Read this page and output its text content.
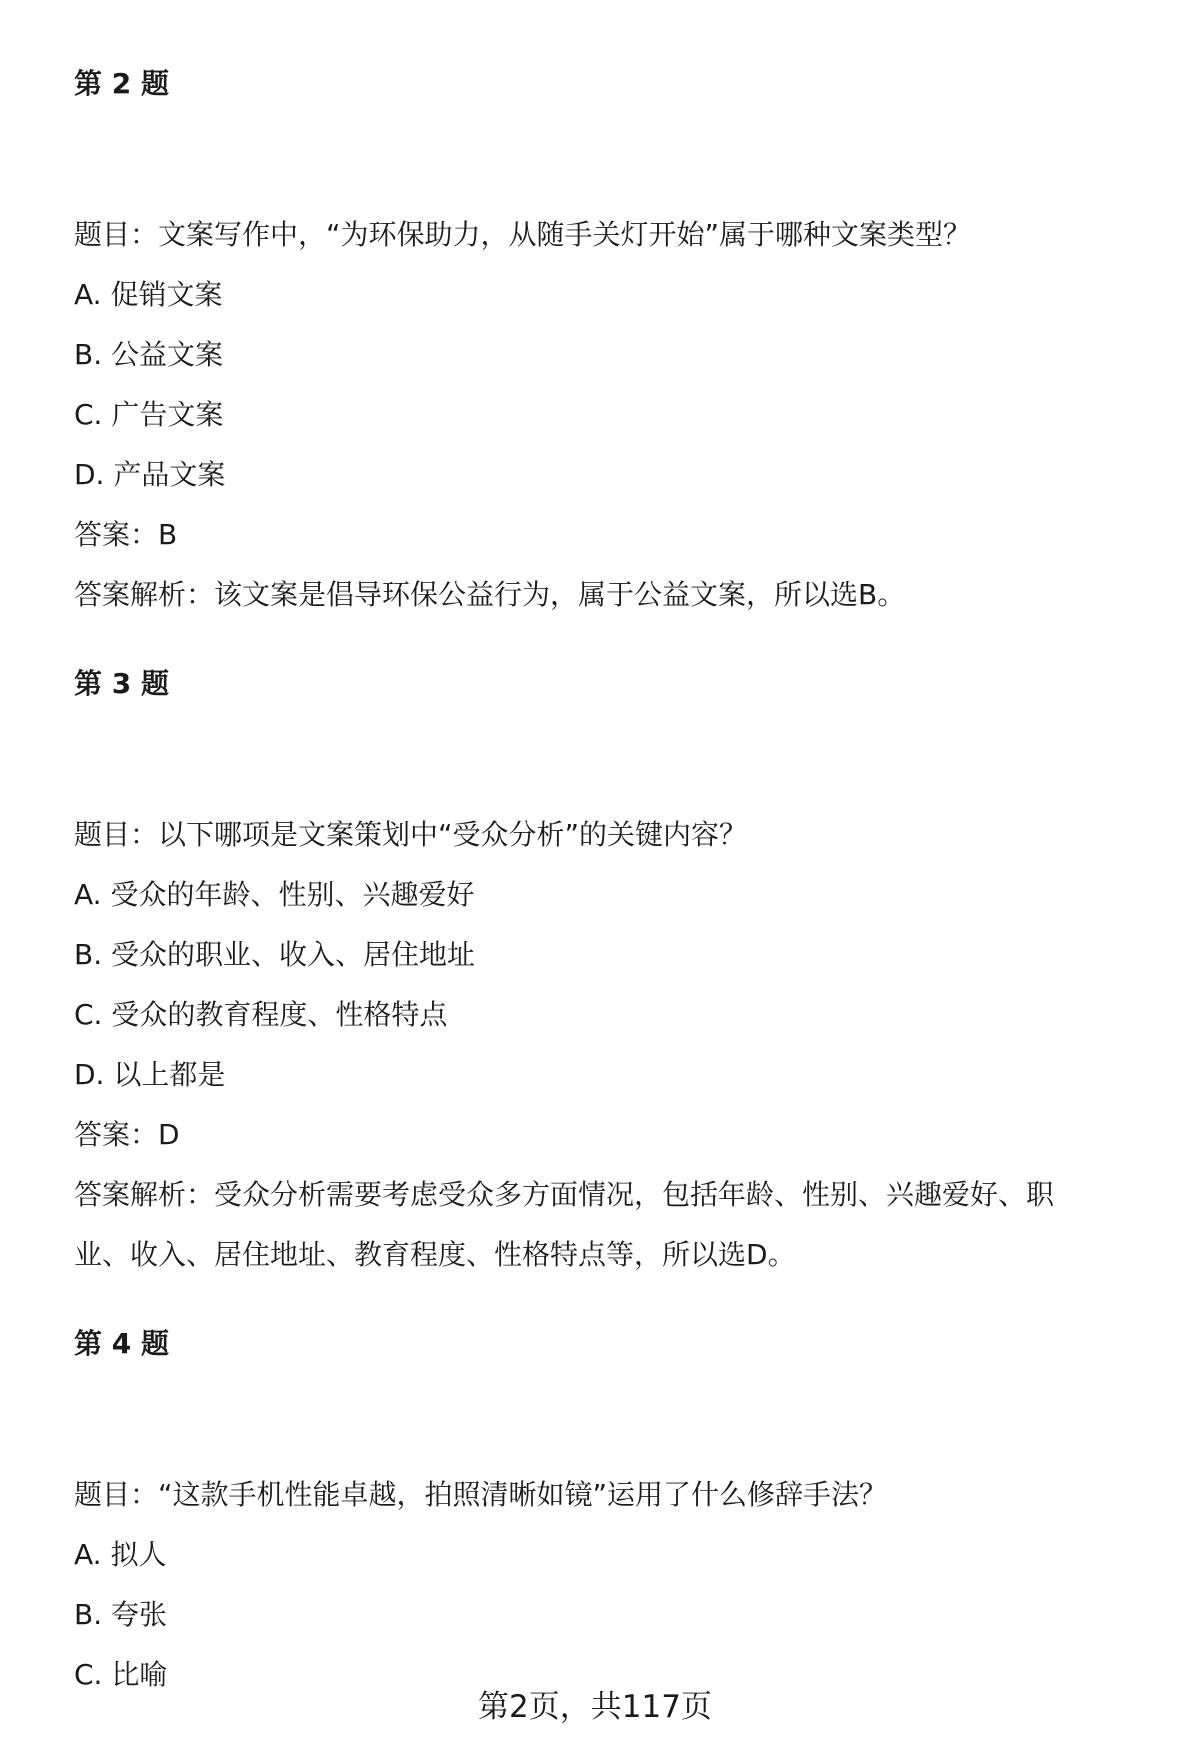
第 2 题
题目：文案写作中，“为环保助力，从随手关灯开始”属于哪种文案类型？
A. 促销文案
B. 公益文案
C. 广告文案
D. 产品文案
答案：B
答案解析：该文案是倡导环保公益行为，属于公益文案，所以选B。
第 3 题
题目：以下哪项是文案策划中“受众分析”的关键内容？
A. 受众的年龄、性别、兴趣爱好
B. 受众的职业、收入、居住地址
C. 受众的教育程度、性格特点
D. 以上都是
答案：D
答案解析：受众分析需要考虑受众多方面情况，包括年龄、性别、兴趣爱好、职
业、收入、居住地址、教育程度、性格特点等，所以选D。
第 4 题
题目：“这款手机性能卓越，拍照清晰如镜”运用了什么修辞手法？
A. 拟人
B. 夸张
C. 比喻
第2页，共117页
